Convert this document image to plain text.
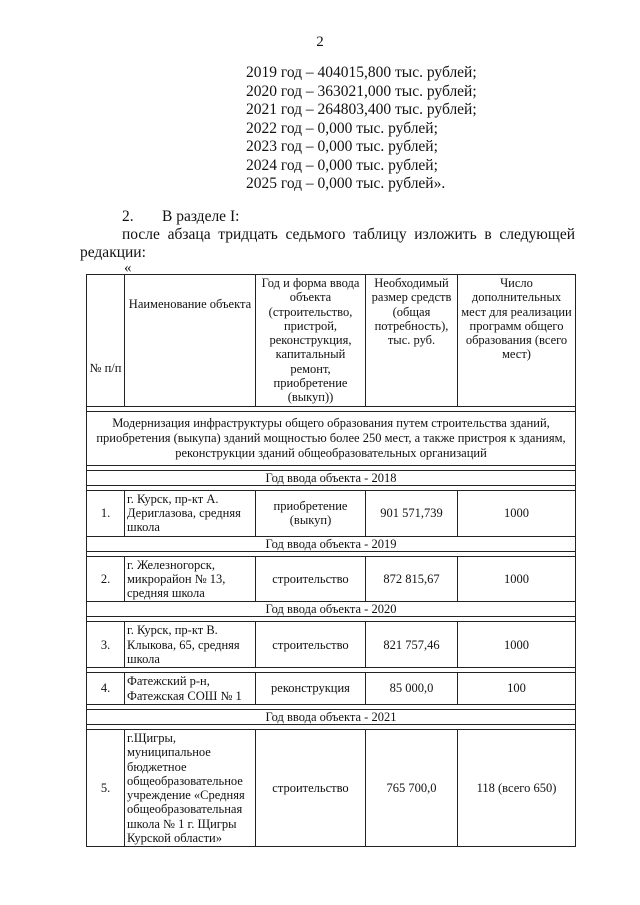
2
2019 год – 404015,800 тыс. рублей;
2020 год – 363021,000 тыс. рублей;
2021 год – 264803,400 тыс. рублей;
2022 год – 0,000 тыс. рублей;
2023 год – 0,000 тыс. рублей;
2024 год – 0,000 тыс. рублей;
2025 год – 0,000 тыс. рублей».
2. В разделе I:
после абзаца тридцать седьмого таблицу изложить в следующей
редакции:
«
№ п/п	Наименование объекта	Год и форма ввода объекта (строительство, пристрой, реконструкция, капитальный ремонт, приобретение (выкуп))	Необходимый размер средств (общая потребность), тыс. руб.	Число дополнительных мест для реализации программ общего образования (всего мест)

Модернизация инфраструктуры общего образования путем строительства зданий, приобретения (выкупа) зданий мощностью более 250 мест, а также пристроя к зданиям, реконструкции зданий общеобразовательных организаций				

Год ввода объекта - 2018				

1.	г. Курск, пр-кт А. Дериглазова, средняя школа	приобретение (выкуп)	901 571,739	1000
Год ввода объекта - 2019				

2.	г. Железногорск, микрорайон № 13, средняя школа	строительство	872 815,67	1000
Год ввода объекта - 2020				

3.	г. Курск, пр-кт В. Клыкова, 65, средняя школа	строительство	821 757,46	1000

4.	Фатежский р-н, Фатежская СОШ № 1	реконструкция	85 000,0	100

Год ввода объекта - 2021				

5.	г.Щигры, муниципальное бюджетное общеобразовательное учреждение «Средняя общеобразовательная школа № 1 г. Щигры Курской области»	строительство	765 700,0	118 (всего 650)
